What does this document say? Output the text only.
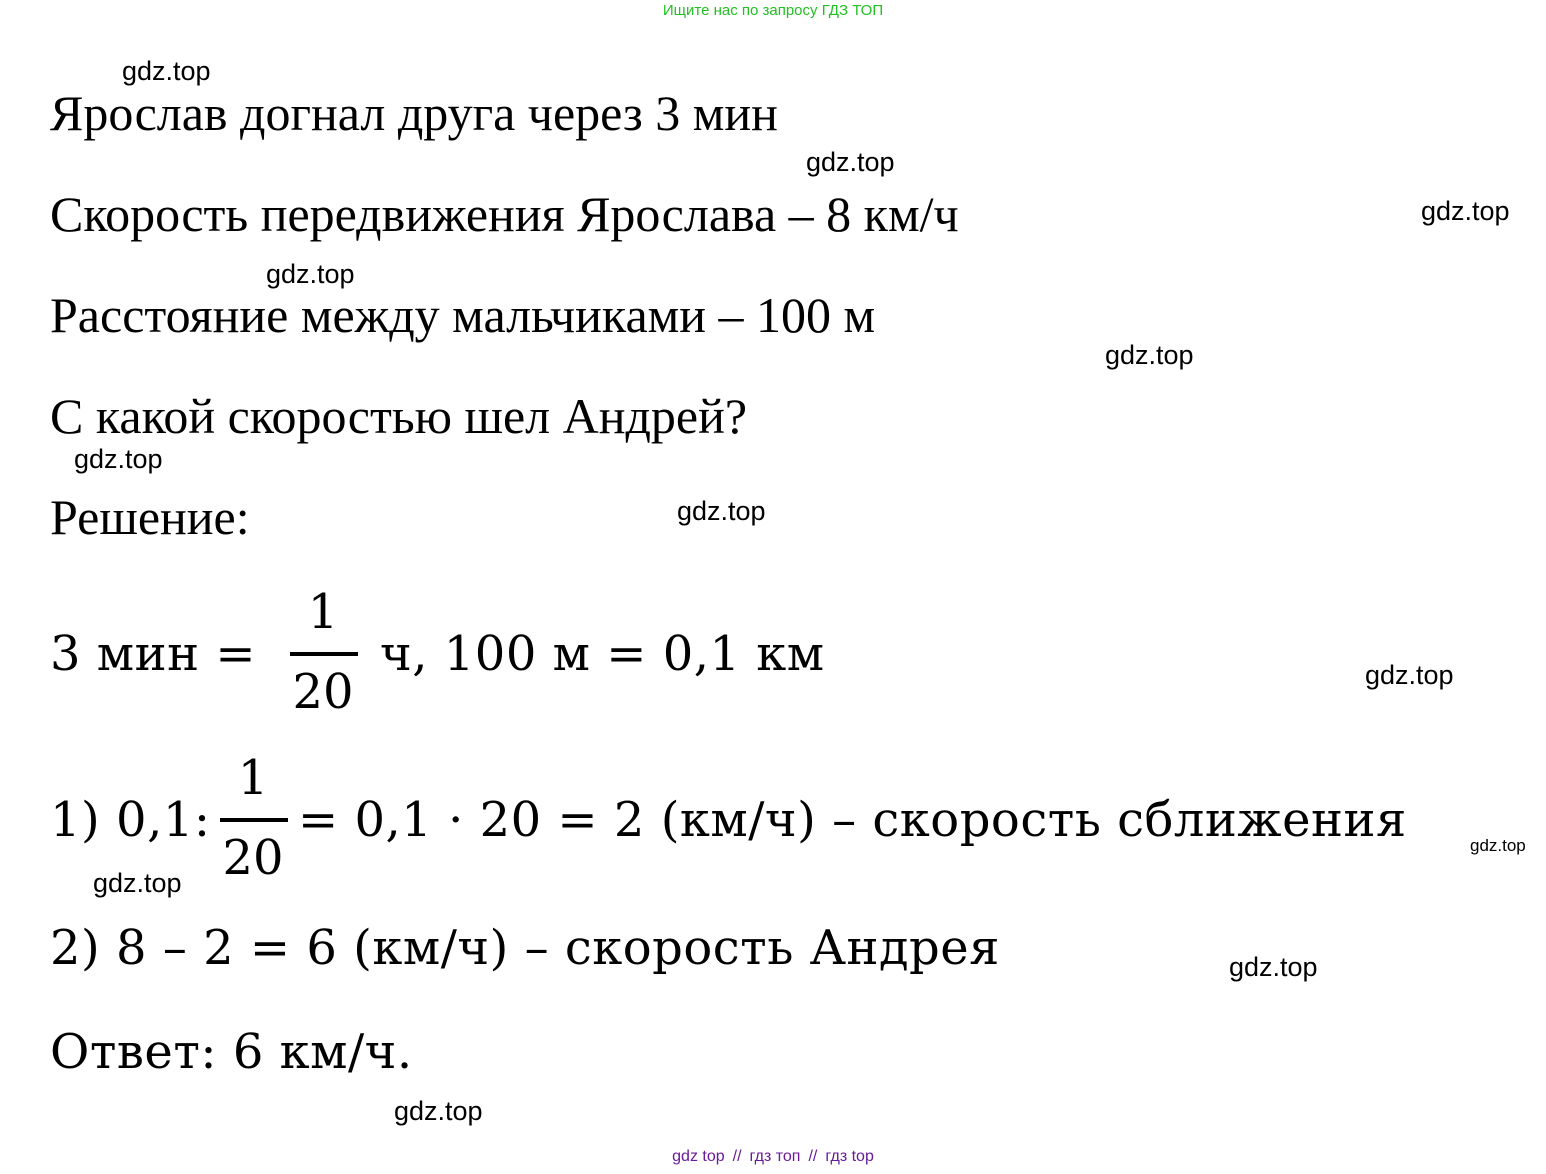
Ищите нас по запросу ГДЗ ТОП
Ярослав догнал друга через 3 мин
Скорость передвижения Ярослава – 8 км/ч
Расстояние между мальчиками – 100 м
С какой скоростью шел Андрей?
Решение:
3 мин =
1
20
ч, 100 м = 0,1 км
1) 0,1:
1
20
= 0,1 · 20 = 2 (км/ч) – скорость сближения
2) 8 – 2 = 6 (км/ч) – скорость Андрея
Ответ: 6 км/ч.
gdz.top
gdz.top
gdz.top
gdz.top
gdz.top
gdz.top
gdz.top
gdz.top
gdz.top
gdz.top
gdz.top
gdz.top
gdz top // гдз топ // гдз top
